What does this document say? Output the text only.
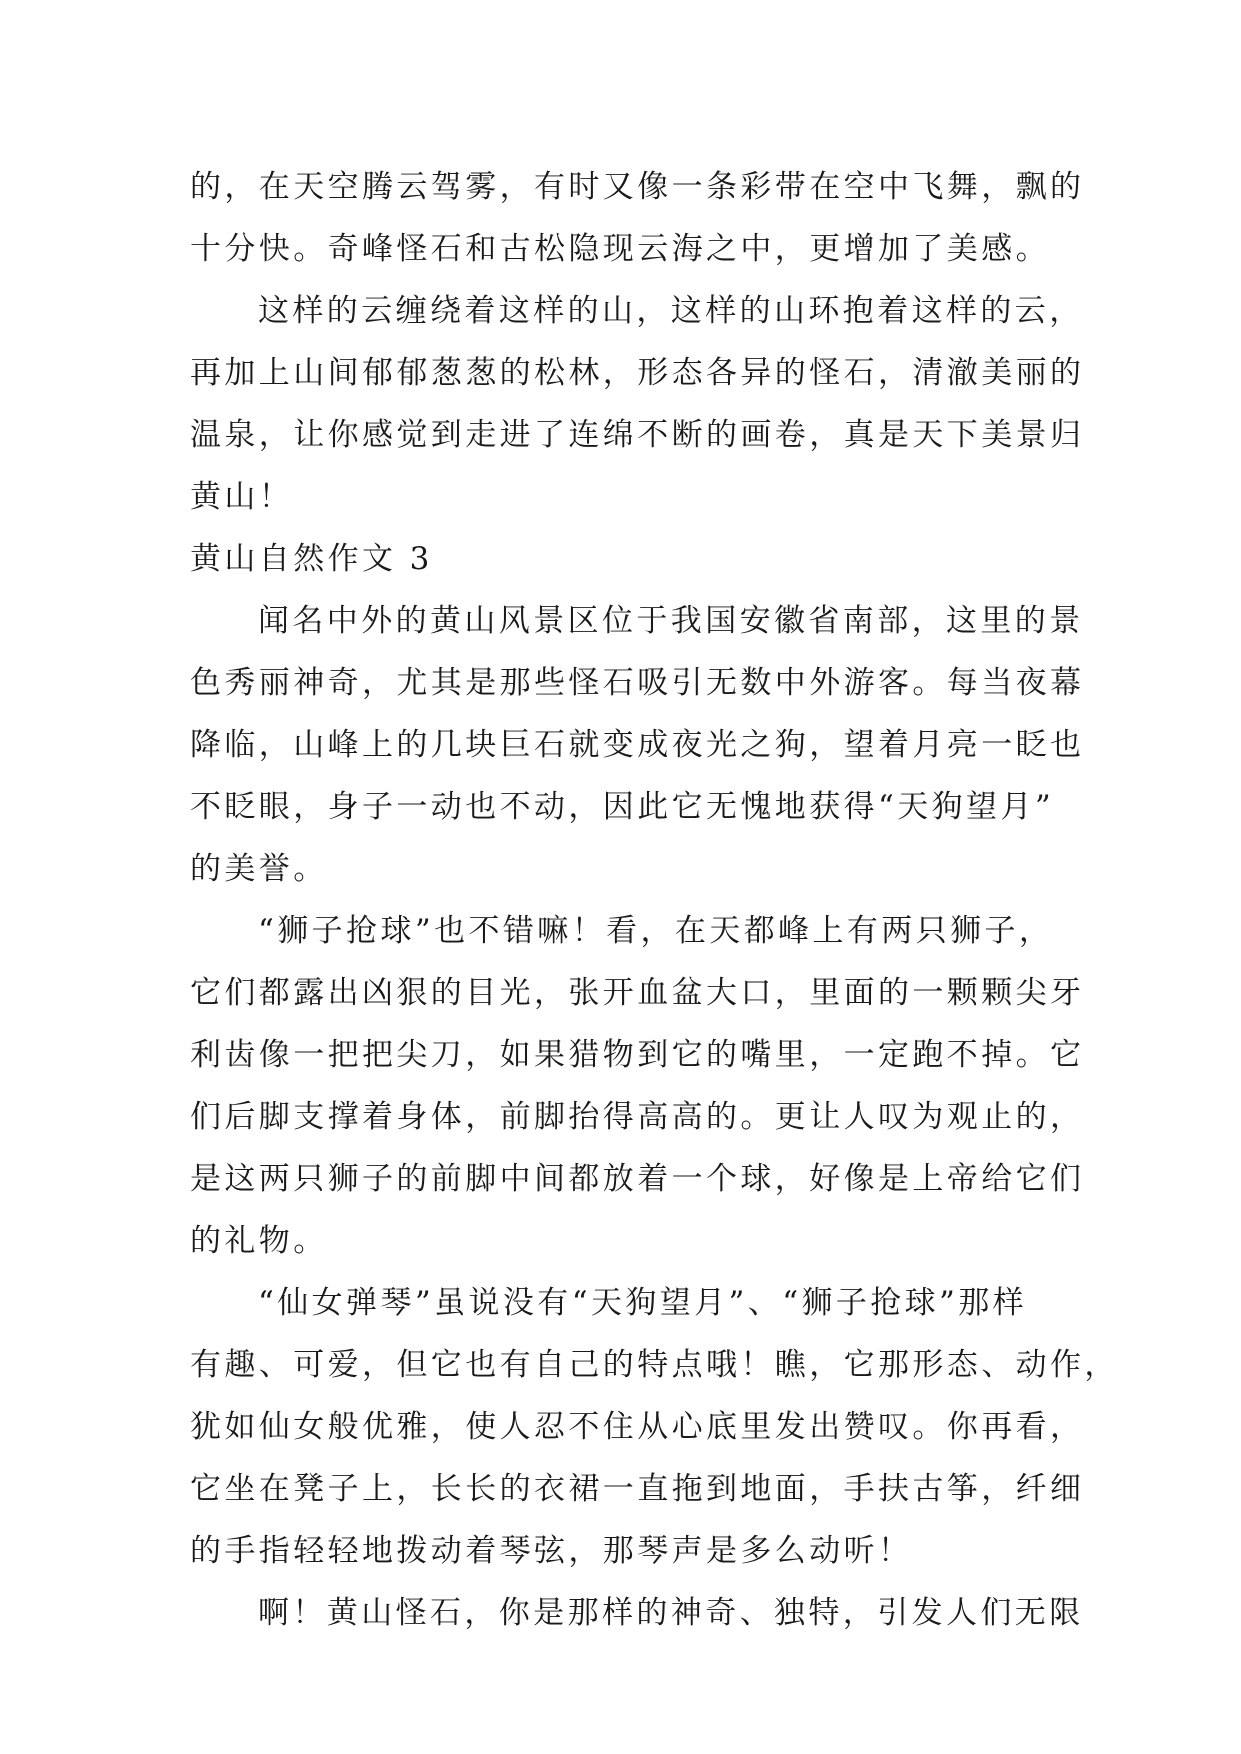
的，在天空腾云驾雾，有时又像一条彩带在空中飞舞，飘的
十分快。奇峰怪石和古松隐现云海之中，更增加了美感。
这样的云缠绕着这样的山，这样的山环抱着这样的云，
再加上山间郁郁葱葱的松林，形态各异的怪石，清澈美丽的
温泉，让你感觉到走进了连绵不断的画卷，真是天下美景归
黄山！
黄山自然作文 3
闻名中外的黄山风景区位于我国安徽省南部，这里的景
色秀丽神奇，尤其是那些怪石吸引无数中外游客。每当夜幕
降临，山峰上的几块巨石就变成夜光之狗，望着月亮一眨也
不眨眼，身子一动也不动，因此它无愧地获得“天狗望月”
的美誉。
“狮子抢球”也不错嘛！看，在天都峰上有两只狮子，
它们都露出凶狠的目光，张开血盆大口，里面的一颗颗尖牙
利齿像一把把尖刀，如果猎物到它的嘴里，一定跑不掉。它
们后脚支撑着身体，前脚抬得高高的。更让人叹为观止的，
是这两只狮子的前脚中间都放着一个球，好像是上帝给它们
的礼物。
“仙女弹琴”虽说没有“天狗望月”、“狮子抢球”那样
有趣、可爱，但它也有自己的特点哦！瞧，它那形态、动作，
犹如仙女般优雅，使人忍不住从心底里发出赞叹。你再看，
它坐在凳子上，长长的衣裙一直拖到地面，手扶古筝，纤细
的手指轻轻地拨动着琴弦，那琴声是多么动听！
啊！黄山怪石，你是那样的神奇、独特，引发人们无限
